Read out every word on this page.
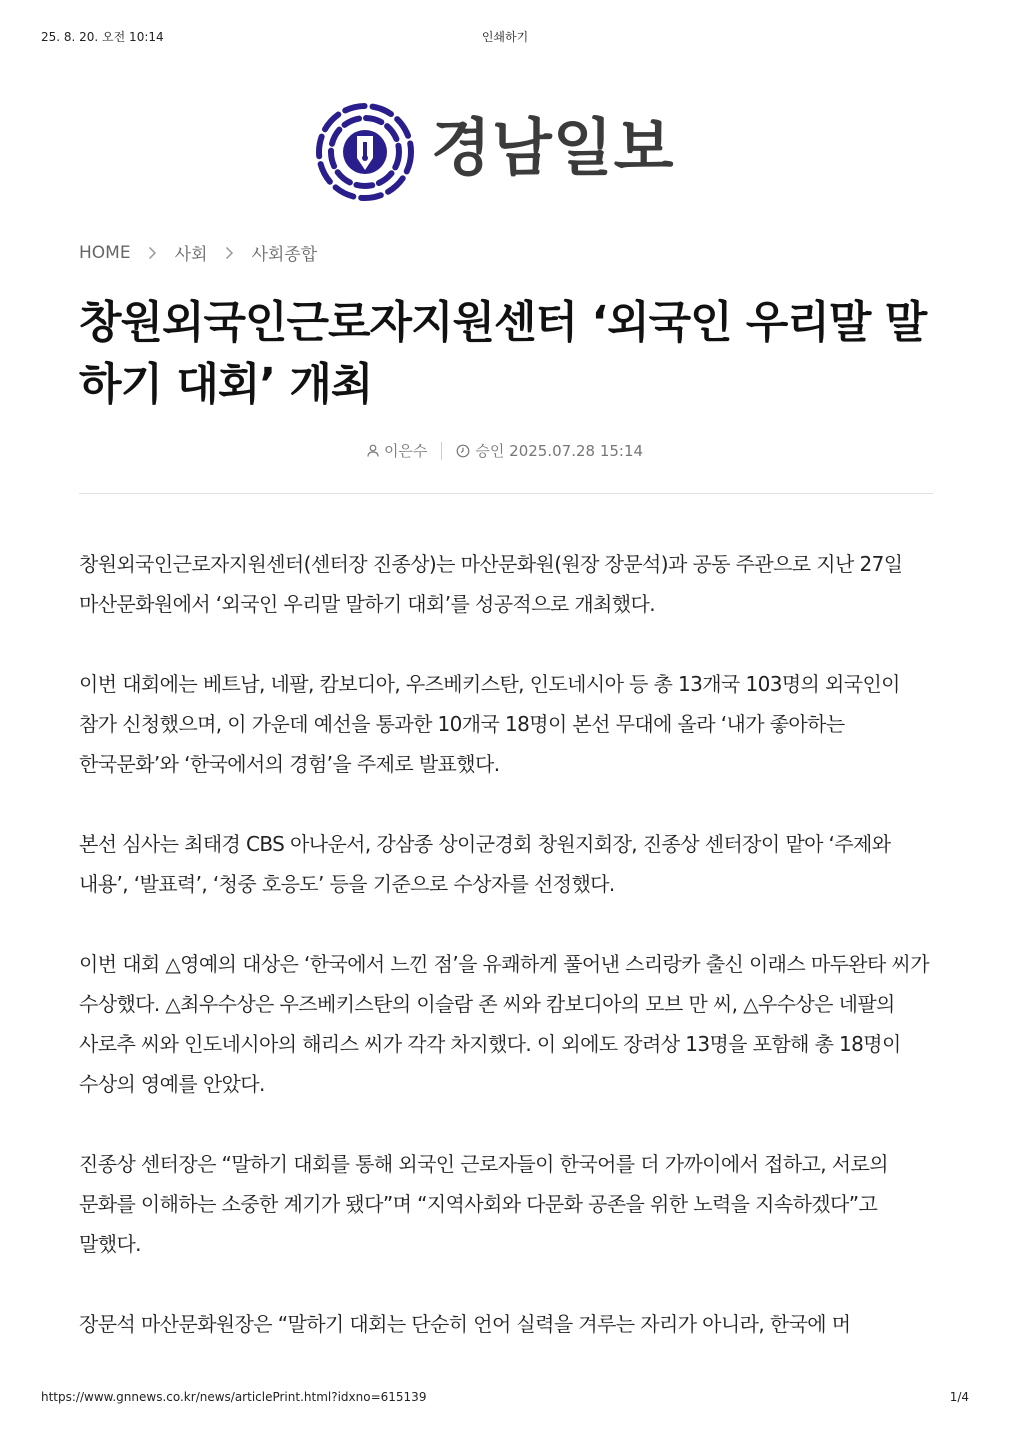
25. 8. 20. 오전 10:14	인쇄하기
경남일보
HOME	사회	사회종합
창원외국인근로자지원센터 ‘외국인 우리말 말하기 대회’ 개최
이은수	승인 2025.07.28 15:14

창원외국인근로자지원센터(센터장 진종상)는 마산문화원(원장 장문석)과 공동 주관으로 지난 27일 마산문화원에서 ‘외국인 우리말 말하기 대회’를 성공적으로 개최했다.

이번 대회에는 베트남, 네팔, 캄보디아, 우즈베키스탄, 인도네시아 등 총 13개국 103명의 외국인이 참가 신청했으며, 이 가운데 예선을 통과한 10개국 18명이 본선 무대에 올라 ‘내가 좋아하는 한국문화’와 ‘한국에서의 경험’을 주제로 발표했다.

본선 심사는 최태경 CBS 아나운서, 강삼종 상이군경회 창원지회장, 진종상 센터장이 맡아 ‘주제와 내용’, ‘발표력’, ‘청중 호응도’ 등을 기준으로 수상자를 선정했다.

이번 대회 △영예의 대상은 ‘한국에서 느낀 점’을 유쾌하게 풀어낸 스리랑카 출신 이래스 마두완타 씨가 수상했다. △최우수상은 우즈베키스탄의 이슬람 존 씨와 캄보디아의 모브 만 씨, △우수상은 네팔의 사로추 씨와 인도네시아의 해리스 씨가 각각 차지했다. 이 외에도 장려상 13명을 포함해 총 18명이 수상의 영예를 안았다.

진종상 센터장은 “말하기 대회를 통해 외국인 근로자들이 한국어를 더 가까이에서 접하고, 서로의 문화를 이해하는 소중한 계기가 됐다”며 “지역사회와 다문화 공존을 위한 노력을 지속하겠다”고 말했다.

장문석 마산문화원장은 “말하기 대회는 단순히 언어 실력을 겨루는 자리가 아니라, 한국에 머

https://www.gnnews.co.kr/news/articlePrint.html?idxno=615139	1/4
